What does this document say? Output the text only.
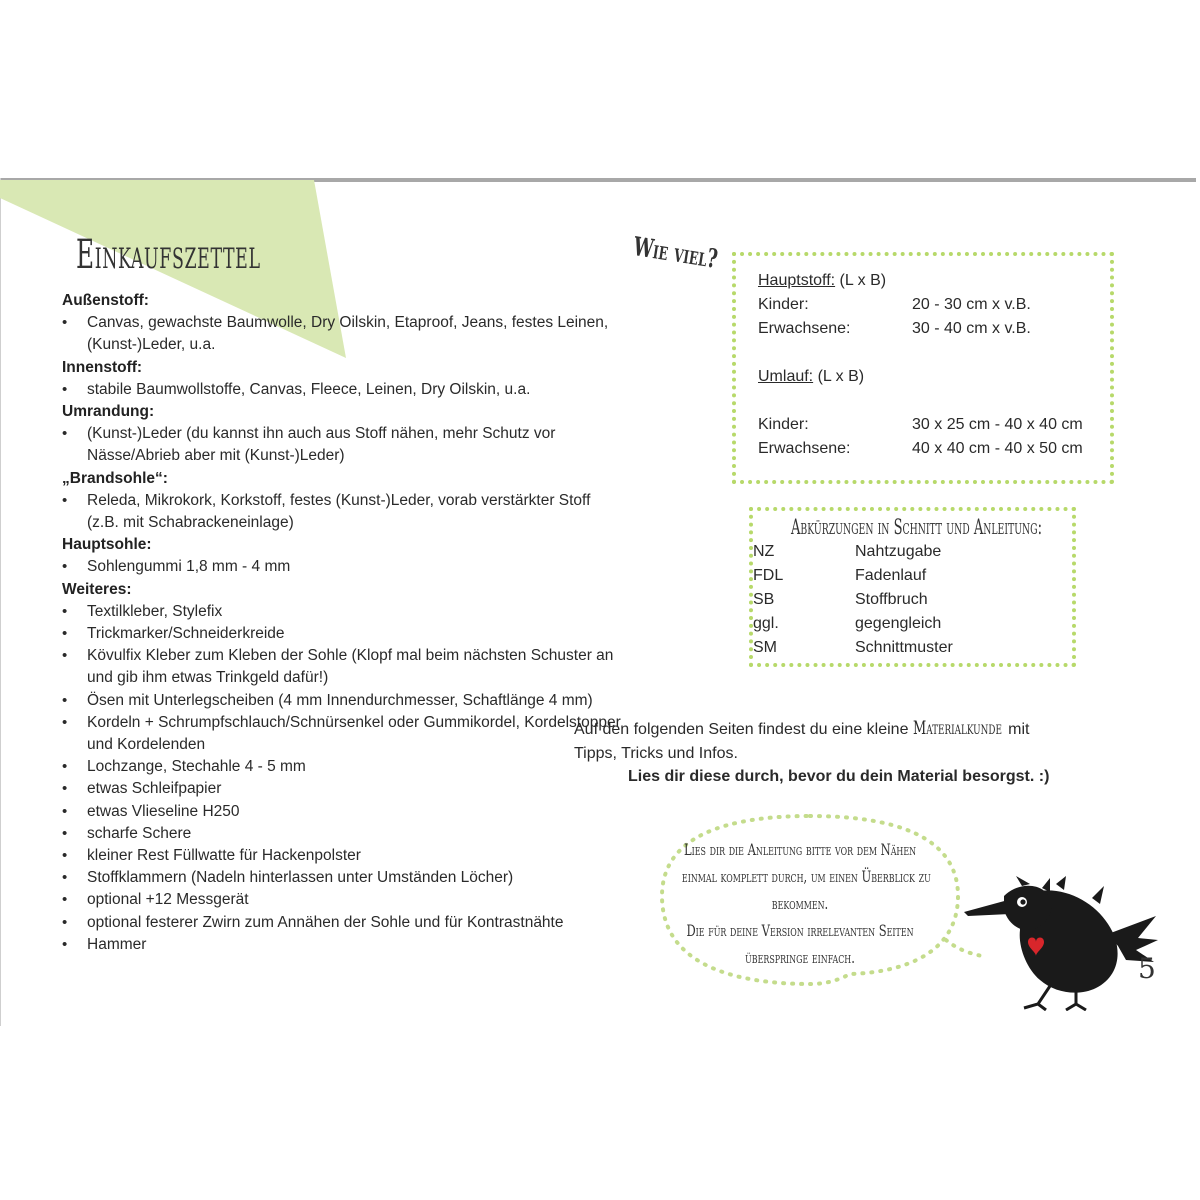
Einkaufszettel
Außenstoff:
• Canvas, gewachste Baumwolle, Dry Oilskin, Etaproof, Jeans, festes Leinen, (Kunst-)Leder, u.a.
Innenstoff:
• stabile Baumwollstoffe, Canvas, Fleece, Leinen, Dry Oilskin, u.a.
Umrandung:
• (Kunst-)Leder (du kannst ihn auch aus Stoff nähen, mehr Schutz vor Nässe/Abrieb aber mit (Kunst-)Leder)
„Brandsohle“:
• Releda, Mikrokork, Korkstoff, festes (Kunst-)Leder, vorab verstärkter Stoff (z.B. mit Schabrackeneinlage)
Hauptsohle:
• Sohlengummi 1,8 mm - 4 mm
Weiteres:
• Textilkleber, Stylefix
• Trickmarker/Schneiderkreide
• Kövulfix Kleber zum Kleben der Sohle (Klopf mal beim nächsten Schuster an und gib ihm etwas Trinkgeld dafür!)
• Ösen mit Unterlegscheiben (4 mm Innendurchmesser, Schaftlänge 4 mm)
• Kordeln + Schrumpfschlauch/Schnürsenkel oder Gummikordel, Kordelstopper und Kordelenden
• Lochzange, Stechahle 4 - 5 mm
• etwas Schleifpapier
• etwas Vlieseline H250
• scharfe Schere
• kleiner Rest Füllwatte für Hackenpolster
• Stoffklammern (Nadeln hinterlassen unter Umständen Löcher)
• optional +12 Messgerät
• optional festerer Zwirn zum Annähen der Sohle und für Kontrastnähte
• Hammer
Wie viel?
Hauptstoff: (L x B)
Kinder:	20 - 30 cm x v.B.
Erwachsene:	30 - 40 cm x v.B.
Umlauf: (L x B)
Kinder:	30 x 25 cm - 40 x 40 cm
Erwachsene:	40 x 40 cm - 40 x 50 cm
Abkürzungen in Schnitt und Anleitung:
NZ	Nahtzugabe
FDL	Fadenlauf
SB	Stoffbruch
ggl.	gegengleich
SM	Schnittmuster
Auf den folgenden Seiten findest du eine kleine Materialkunde mit
Tipps, Tricks und Infos.
Lies dir diese durch, bevor du dein Material besorgst. :)
Lies dir die Anleitung bitte vor dem Nähen
einmal komplett durch, um einen Überblick zu
bekommen.
Die für deine Version irrelevanten Seiten
überspringe einfach.	5
